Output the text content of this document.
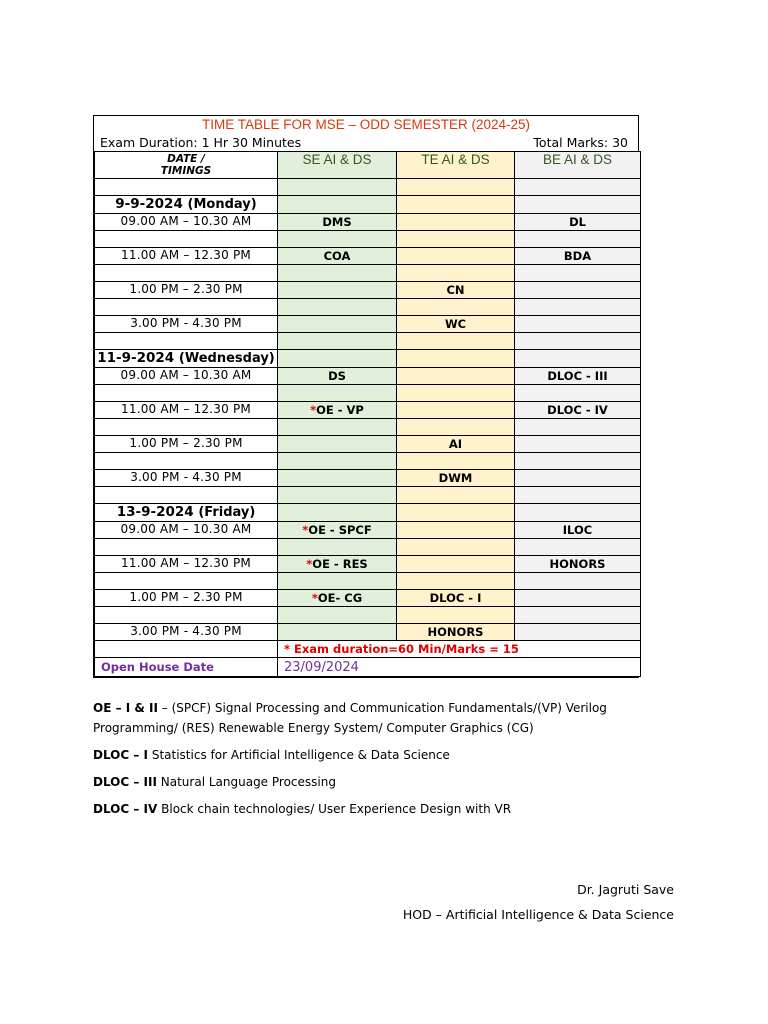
TIME TABLE FOR MSE – ODD SEMESTER (2024-25)
Exam Duration: 1 Hr 30 Minutes	Total Marks: 30
DATE /
TIMINGS	SE AI & DS	TE AI & DS	BE AI & DS

9-9-2024 (Monday)			
09.00 AM – 10.30 AM	DMS		DL

11.00 AM – 12.30 PM	COA		BDA

1.00 PM – 2.30 PM		CN	

3.00 PM - 4.30 PM		WC	

11-9-2024 (Wednesday)			
09.00 AM – 10.30 AM	DS		DLOC - III

11.00 AM – 12.30 PM	*OE - VP		DLOC - IV

1.00 PM – 2.30 PM		AI	

3.00 PM - 4.30 PM		DWM	

13-9-2024 (Friday)			
09.00 AM – 10.30 AM	*OE - SPCF		ILOC

11.00 AM – 12.30 PM	*OE - RES		HONORS

1.00 PM – 2.30 PM	*OE- CG	DLOC - I	

3.00 PM - 4.30 PM		HONORS	
	* Exam duration=60 Min/Marks = 15		
Open House Date	23/09/2024		

OE – I & II – (SPCF) Signal Processing and Communication Fundamentals/(VP) Verilog Programming/ (RES) Renewable Energy System/ Computer Graphics (CG)

DLOC – I Statistics for Artificial Intelligence & Data Science

DLOC – III Natural Language Processing

DLOC – IV Block chain technologies/ User Experience Design with VR

Dr. Jagruti Save
HOD – Artificial Intelligence & Data Science
